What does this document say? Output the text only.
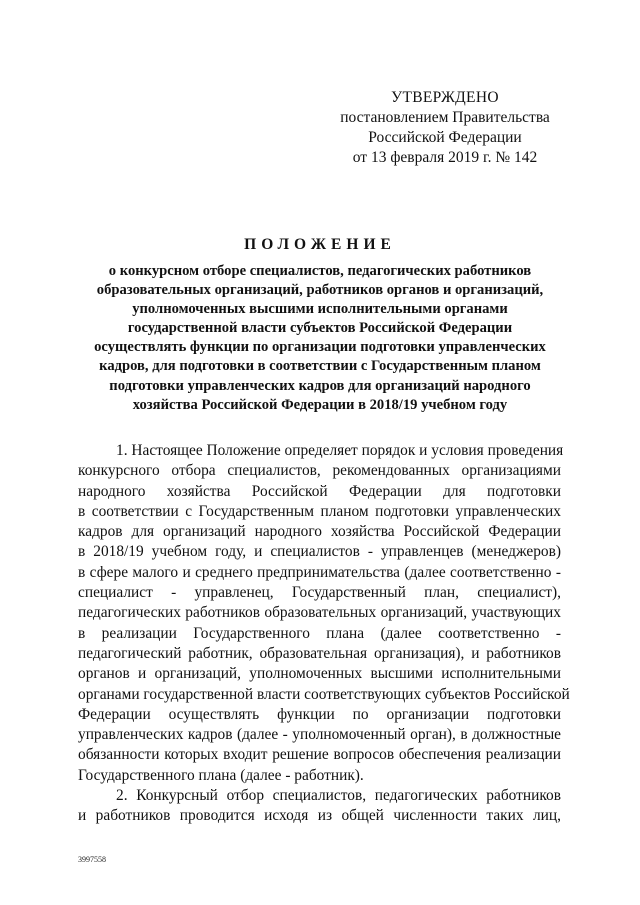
УТВЕРЖДЕНО
постановлением Правительства
Российской Федерации
от 13 февраля 2019 г. № 142
ПОЛОЖЕНИЕ
о конкурсном отборе специалистов, педагогических работников
образовательных организаций, работников органов и организаций,
уполномоченных высшими исполнительными органами
государственной власти субъектов Российской Федерации
осуществлять функции по организации подготовки управленческих
кадров, для подготовки в соответствии с Государственным планом
подготовки управленческих кадров для организаций народного
хозяйства Российской Федерации в 2018/19 учебном году
1. Настоящее Положение определяет порядок и условия проведения
конкурсного отбора специалистов, рекомендованных организациями
народного хозяйства Российской Федерации для подготовки
в соответствии с Государственным планом подготовки управленческих
кадров для организаций народного хозяйства Российской Федерации
в 2018/19 учебном году, и специалистов - управленцев (менеджеров)
в сфере малого и среднего предпринимательства (далее соответственно -
специалист - управленец, Государственный план, специалист),
педагогических работников образовательных организаций, участвующих
в реализации Государственного плана (далее соответственно -
педагогический работник, образовательная организация), и работников
органов и организаций, уполномоченных высшими исполнительными
органами государственной власти соответствующих субъектов Российской
Федерации осуществлять функции по организации подготовки
управленческих кадров (далее - уполномоченный орган), в должностные
обязанности которых входит решение вопросов обеспечения реализации
Государственного плана (далее - работник).
2. Конкурсный отбор специалистов, педагогических работников
и работников проводится исходя из общей численности таких лиц,
3997558
